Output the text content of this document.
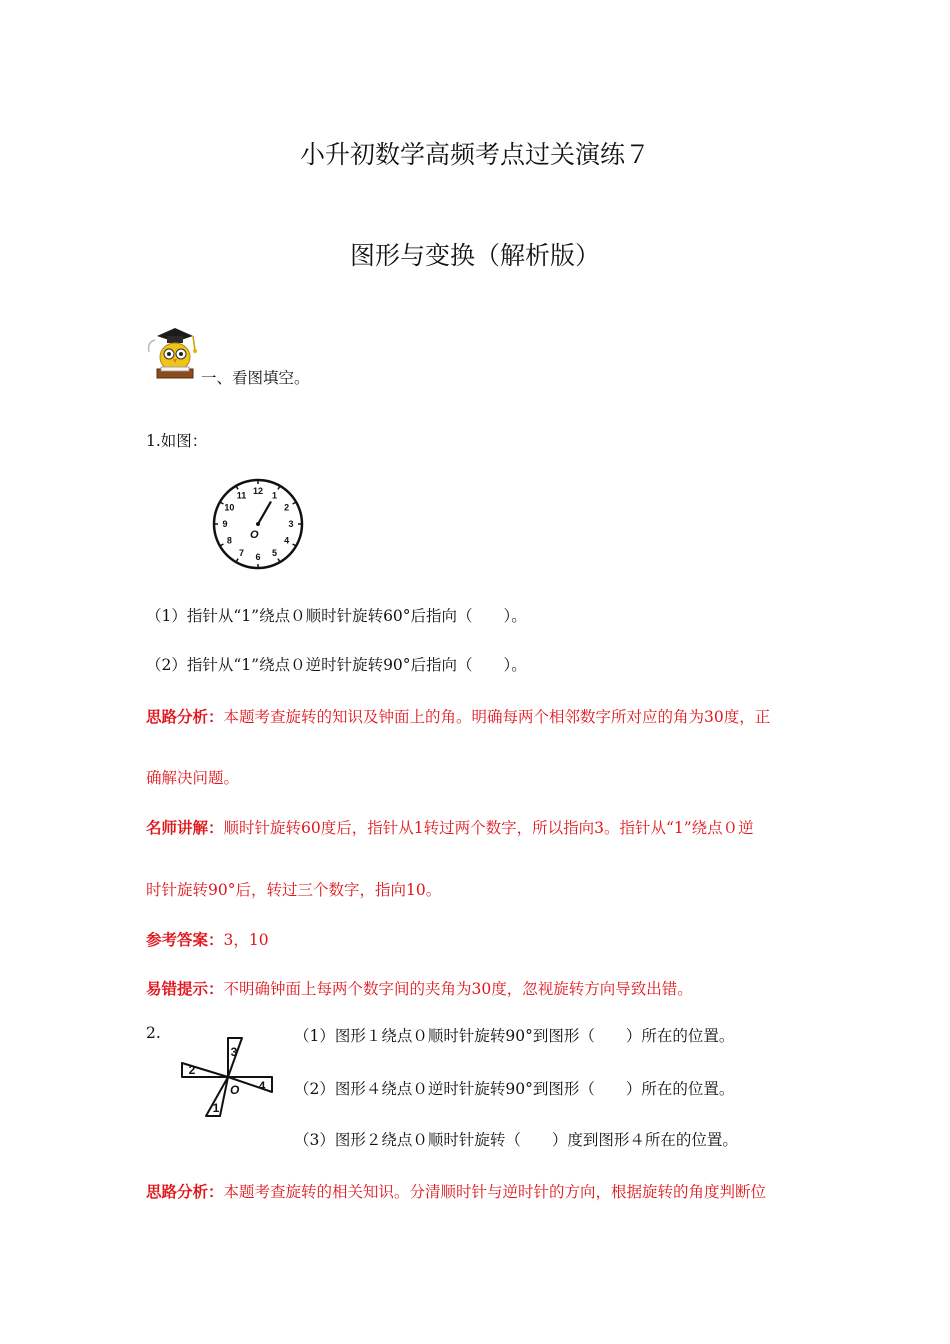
小升初数学高频考点过关演练７
图形与变换（解析版）
一、看图填空。
1.如图：
12 1
2
3
4
5
6
7
8
9
10
11
O
（1）指针从“1”绕点０顺时针旋转60°后指向（　　）。
（2）指针从“1”绕点０逆时针旋转90°后指向（　　）。
思路分析：本题考查旋转的知识及钟面上的角。明确每两个相邻数字所对应的角为30度，正
确解决问题。
名师讲解：顺时针旋转60度后，指针从1转过两个数字，所以指向3。指针从“1”绕点０逆
时针旋转90°后，转过三个数字，指向10。
参考答案：3，10
易错提示：不明确钟面上每两个数字间的夹角为30度，忽视旋转方向导致出错。
2.
3
2
4
1
O
（1）图形１绕点０顺时针旋转90°到图形（　　）所在的位置。
（2）图形４绕点０逆时针旋转90°到图形（　　）所在的位置。
（3）图形２绕点０顺时针旋转（　　）度到图形４所在的位置。
思路分析：本题考查旋转的相关知识。分清顺时针与逆时针的方向，根据旋转的角度判断位
